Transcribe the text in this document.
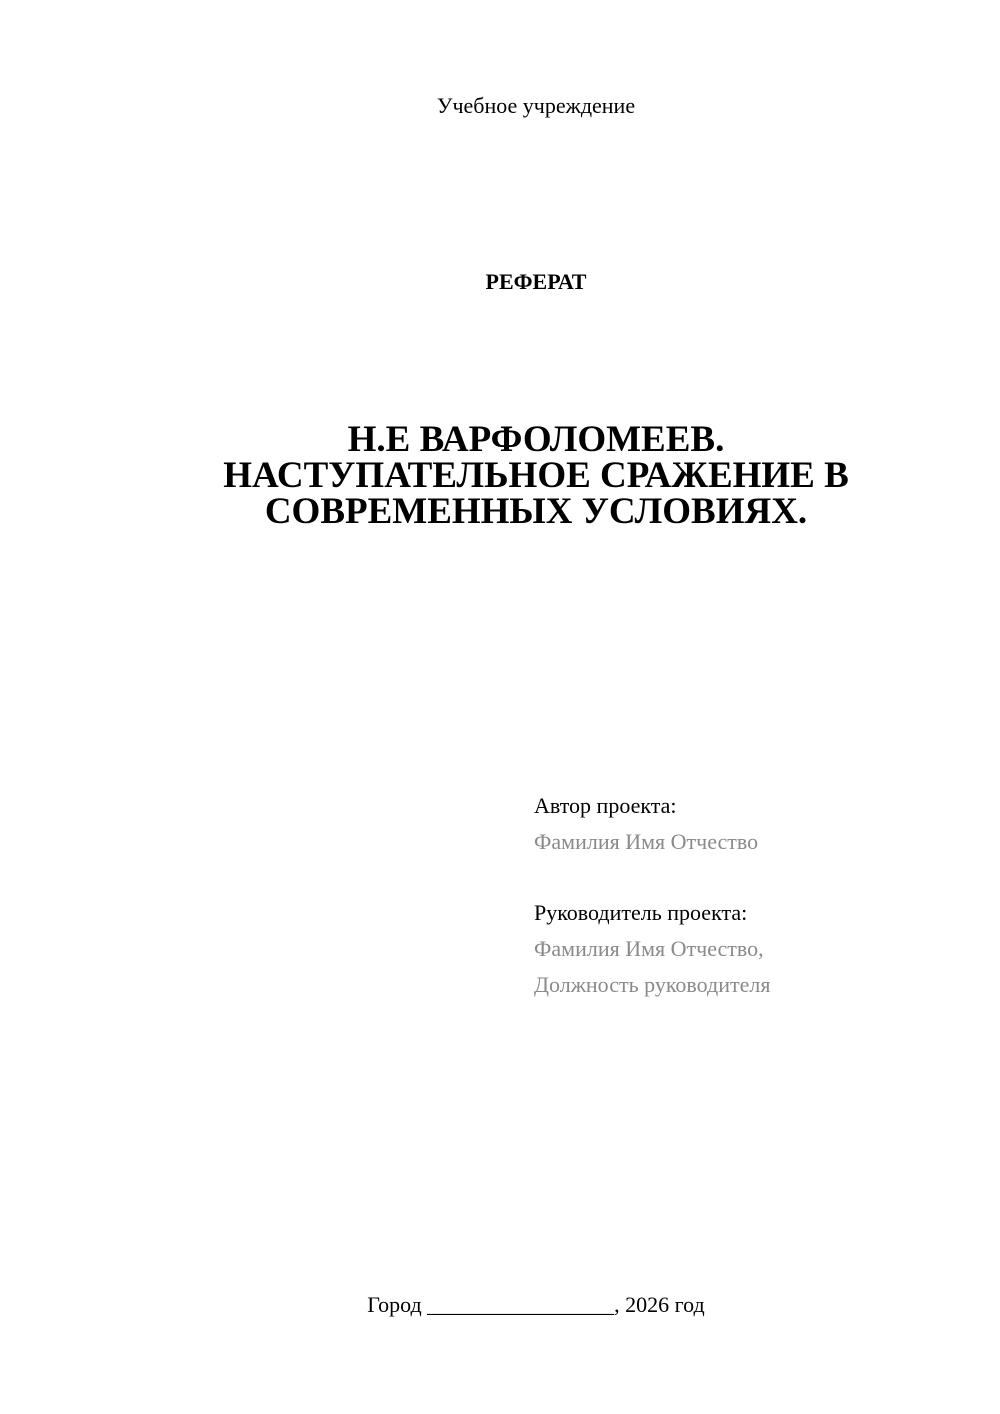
Учебное учреждение
РЕФЕРАТ
Н.Е ВАРФОЛОМЕЕВ.
НАСТУПАТЕЛЬНОЕ СРАЖЕНИЕ В
СОВРЕМЕННЫХ УСЛОВИЯХ.
Автор проекта:
Фамилия Имя Отчество
Руководитель проекта:
Фамилия Имя Отчество,
Должность руководителя
Город _________________, 2026 год
